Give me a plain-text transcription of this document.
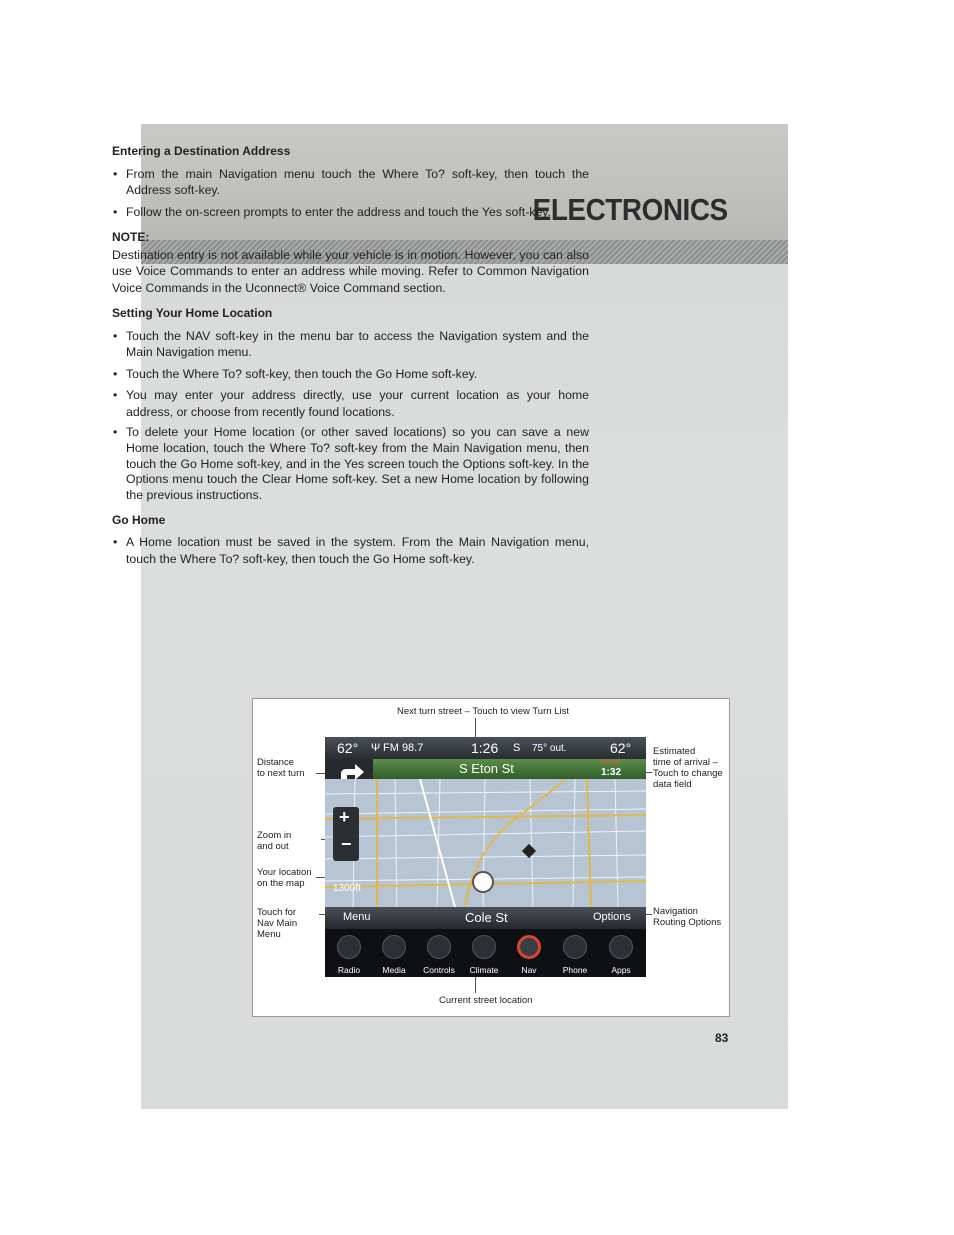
ELECTRONICS
Entering a Destination Address
• From the main Navigation menu touch the Where To? soft-key, then touch the Address soft-key.
• Follow the on-screen prompts to enter the address and touch the Yes soft-key.
NOTE:
Destination entry is not available while your vehicle is in motion. However, you can also use Voice Commands to enter an address while moving. Refer to Common Navigation Voice Commands in the Uconnect® Voice Command section.
Setting Your Home Location
• Touch the NAV soft-key in the menu bar to access the Navigation system and the Main Navigation menu.
• Touch the Where To? soft-key, then touch the Go Home soft-key.
• You may enter your address directly, use your current location as your home address, or choose from recently found locations.
• To delete your Home location (or other saved locations) so you can save a new Home location, touch the Where To? soft-key from the Main Navigation menu, then touch the Go Home soft-key, and in the Yes screen touch the Options soft-key. In the Options menu touch the Clear Home soft-key. Set a new Home location by following the previous instructions.
Go Home
• A Home location must be saved in the system. From the Main Navigation menu, touch the Where To? soft-key, then touch the Go Home soft-key.
Next turn street – Touch to view Turn List
Distance
to next turn
Zoom in
and out
Your location
on the map
Touch for
Nav Main
Menu
Estimated
time of arrival –
Touch to change
data field
Navigation
Routing Options
Current street location
62° Ψ FM 98.7	1:26 S 75° out.	62°
S Eton St	Arrival
1:32
+
−
1300ft
Menu	Cole St	Options
Radio	Media	Controls	Climate	Nav	Phone	Apps
83
